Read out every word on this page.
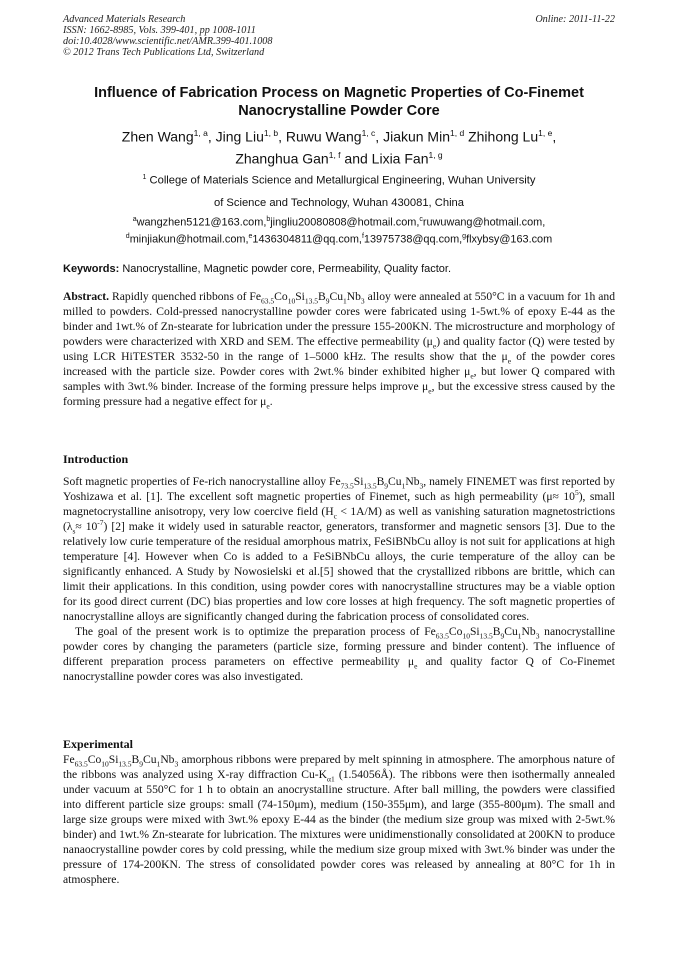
Advanced Materials Research
ISSN: 1662-8985, Vols. 399-401, pp 1008-1011
doi:10.4028/www.scientific.net/AMR.399-401.1008
© 2012 Trans Tech Publications Ltd, Switzerland
Online: 2011-11-22
Influence of Fabrication Process on Magnetic Properties of Co-Finemet
Nanocrystalline Powder Core
Zhen Wang$^{1, a}$, Jing Liu$^{1, b}$, Ruwu Wang$^{1, c}$, Jiakun Min$^{1, d}$ Zhihong Lu$^{1, e}$,
Zhanghua Gan$^{1, f}$ and Lixia Fan$^{1, g}$
$^1$ College of Materials Science and Metallurgical Engineering, Wuhan University
of Science and Technology, Wuhan 430081, China
$^a$wangzhen5121@163.com,$^b$jingliu20080808@hotmail.com,$^c$ruwuwang@hotmail.com,
$^d$minjiakun@hotmail.com,$^e$1436304811@qq.com,$^f$13975738@qq.com,$^g$flxybsy@163.com
Keywords: Nanocrystalline, Magnetic powder core, Permeability, Quality factor.

Abstract. Rapidly quenched ribbons of $Fe_{63.5}Co_{10}Si_{13.5}B_9Cu_1Nb_3$ alloy were annealed at 550°C in a vacuum for 1h and milled to powders. Cold-pressed nanocrystalline powder cores were fabricated using 1-5wt.% of epoxy E-44 as the binder and 1wt.% of Zn-stearate for lubrication under the pressure 155-200KN. The microstructure and morphology of powders were characterized with XRD and SEM. The effective permeability $(\mu_e)$ and quality factor (Q) were tested by using LCR HiTESTER 3532-50 in the range of 1–5000 kHz. The results show that the $\mu_e$ of the powder cores increased with the particle size. Powder cores with 2wt.% binder exhibited higher $\mu_e$, but lower Q compared with samples with 3wt.% binder. Increase of the forming pressure helps improve $\mu_e$, but the excessive stress caused by the forming pressure had a negative effect for $\mu_e$.

Introduction

Soft magnetic properties of Fe-rich nanocrystalline alloy $Fe_{73.5}Si_{13.5}B_9Cu_1Nb_3$, namely FINEMET was first reported by Yoshizawa et al. [1]. The excellent soft magnetic properties of Finemet, such as high permeability $(\mu\approx 10^5)$, small magnetocrystalline anisotropy, very low coercive field $(H_c < 1A/M)$ as well as vanishing saturation magnetostrictions $(\lambda_s\approx 10^{-7})$ [2] make it widely used in saturable reactor, generators, transformer and magnetic sensors [3]. Due to the relatively low curie temperature of the residual amorphous matrix, FeSiBNbCu alloy is not suit for applications at high temperature [4]. However when Co is added to a FeSiBNbCu alloys, the curie temperature of the alloy can be significantly enhanced. A Study by Nowosielski et al.[5] showed that the crystallized ribbons are brittle, which can limit their applications. In this condition, using powder cores with nanocrystalline structures may be a viable option for its good direct current (DC) bias properties and low core losses at high frequency. The soft magnetic properties of nanocrystalline alloys are significantly changed during the fabrication process of consolidated cores.

The goal of the present work is to optimize the preparation process of $Fe_{63.5}Co_{10}Si_{13.5}B_9Cu_1Nb_3$ nanocrystalline powder cores by changing the parameters (particle size, forming pressure and binder content). The influence of different preparation process parameters on effective permeability $\mu_e$ and quality factor Q of Co-Finemet nanocrystalline powder cores was also investigated.

Experimental

$Fe_{63.5}Co_{10}Si_{13.5}B_9Cu_1Nb_3$ amorphous ribbons were prepared by melt spinning in atmosphere. The amorphous nature of the ribbons was analyzed using X-ray diffraction $Cu-K_{\alpha 1}$ (1.54056Å). The ribbons were then isothermally annealed under vacuum at 550°C for 1 h to obtain an anocrystalline structure. After ball milling, the powders were classified into different particle size groups: small (74-150μm), medium (150-355μm), and large (355-800μm). The small and large size groups were mixed with 3wt.% epoxy E-44 as the binder (the medium size group was mixed with 2-5wt.% binder) and 1wt.% Zn-stearate for lubrication. The mixtures were unidimenstionally consolidated at 200KN to produce nanaocrystalline powder cores by cold pressing, while the medium size group mixed with 3wt.% binder was under the pressure of 174-200KN. The stress of consolidated powder cores was released by annealing at 80°C for 1h in atmosphere.
